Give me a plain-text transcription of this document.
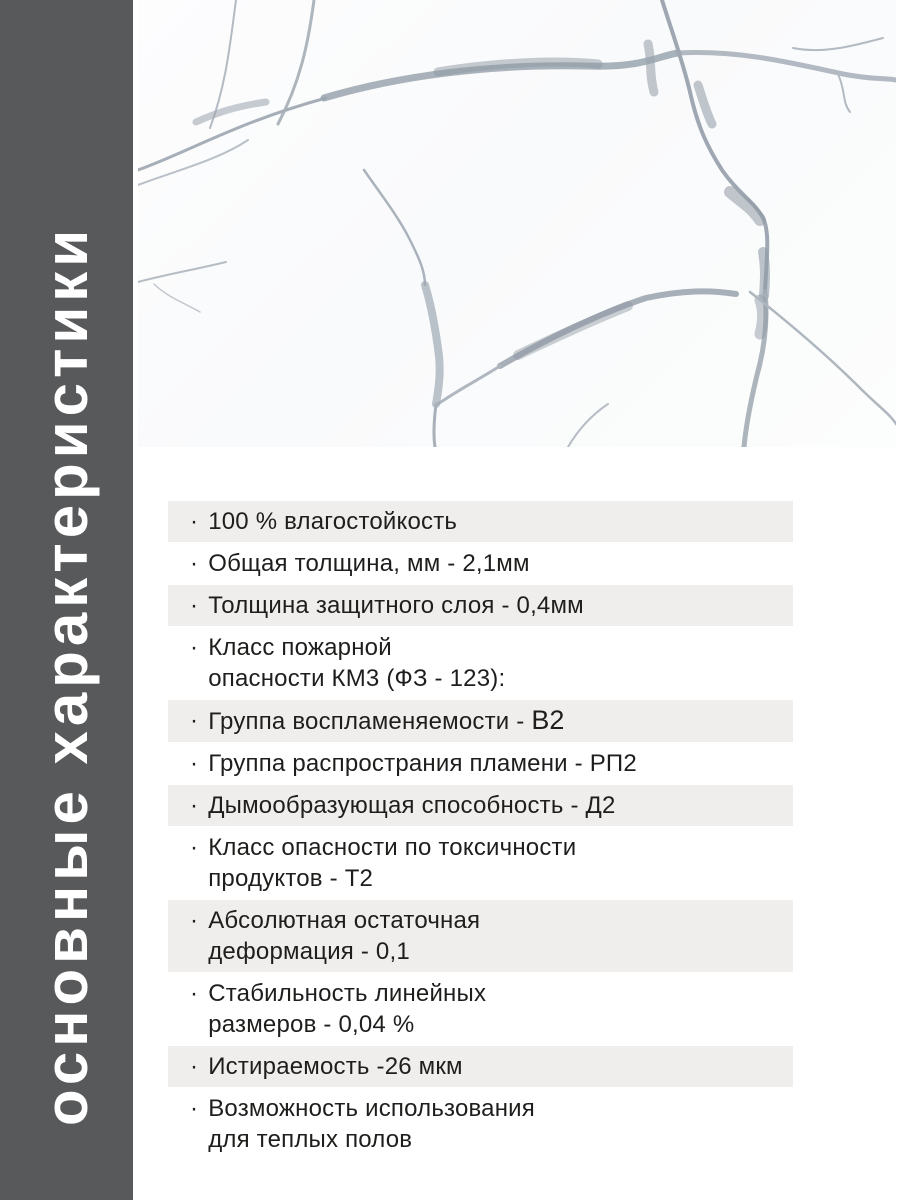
основные характеристики	· 100 % влагостойкость
· Общая толщина, мм - 2,1мм
· Толщина защитного слоя - 0,4мм
· Класс пожарной
опасности КМ3 (ФЗ - 123):
· Группа воспламеняемости - В2
· Группа распространия пламени - РП2
· Дымообразующая способность - Д2
· Класс опасности по токсичности
продуктов - Т2
· Абсолютная остаточная
деформация - 0,1
· Стабильность линейных
размеров - 0,04 %
· Истираемость -26 мкм
· Возможность использования
для теплых полов
